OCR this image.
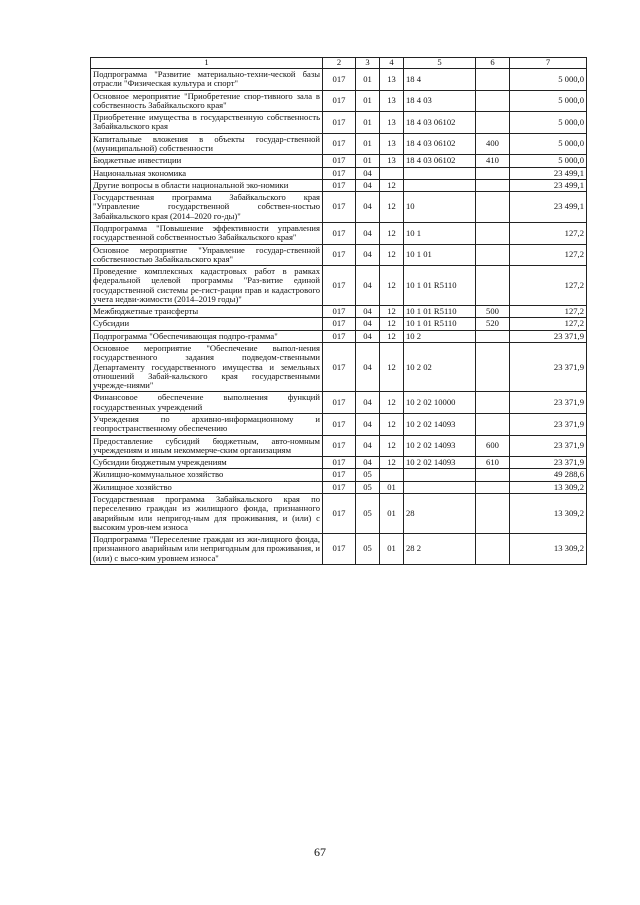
1	2	3	4	5	6	7
Подпрограмма "Развитие материально-техни-ческой базы отрасли "Физическая культура и спорт"	017	01	13	18 4		5 000,0
Основное мероприятие "Приобретение спор-тивного зала в собственность Забайкальского края"	017	01	13	18 4 03		5 000,0
Приобретение имущества в государственную собственность Забайкальского края	017	01	13	18 4 03 06102		5 000,0
Капитальные вложения в объекты государ-ственной (муниципальной) собственности	017	01	13	18 4 03 06102	400	5 000,0
Бюджетные инвестиции	017	01	13	18 4 03 06102	410	5 000,0
Национальная экономика	017	04				23 499,1
Другие вопросы в области национальной эко-номики	017	04	12			23 499,1
Государственная программа Забайкальского края "Управление государственной собствен-ностью Забайкальского края (2014–2020 го-ды)"	017	04	12	10		23 499,1
Подпрограмма "Повышение эффективности управления государственной собственностью Забайкальского края"	017	04	12	10 1		127,2
Основное мероприятие "Управление государ-ственной собственностью Забайкальского края"	017	04	12	10 1 01		127,2
Проведение комплексных кадастровых работ в рамках федеральной целевой программы "Раз-витие единой государственной системы ре-гист-рации прав и кадастрового учета недви-жимости (2014–2019 годы)"	017	04	12	10 1 01 R5110		127,2
Межбюджетные трансферты	017	04	12	10 1 01 R5110	500	127,2
Субсидии	017	04	12	10 1 01 R5110	520	127,2
Подпрограмма "Обеспечивающая подпро-грамма"	017	04	12	10 2		23 371,9
Основное мероприятие "Обеспечение выпол-нения государственного задания подведом-ственными Департаменту государственного имущества и земельных отношений Забай-кальского края государственными учрежде-ниями"	017	04	12	10 2 02		23 371,9
Финансовое обеспечение выполнения функций государственных учреждений	017	04	12	10 2 02 10000		23 371,9
Учреждения по архивно-информационному и геопространственному обеспечению	017	04	12	10 2 02 14093		23 371,9
Предоставление субсидий бюджетным, авто-номным учреждениям и иным некоммерче-ским организациям	017	04	12	10 2 02 14093	600	23 371,9
Субсидии бюджетным учреждениям	017	04	12	10 2 02 14093	610	23 371,9
Жилищно-коммунальное хозяйство	017	05				49 288,6
Жилищное хозяйство	017	05	01			13 309,2
Государственная программа Забайкальского края по переселению граждан из жилищного фонда, признанного аварийным или непригод-ным для проживания, и (или) с высоким уров-нем износа	017	05	01	28		13 309,2
Подпрограмма "Переселение граждан из жи-лищного фонда, признанного аварийным или непригодным для проживания, и (или) с высо-ким уровнем износа"	017	05	01	28 2		13 309,2
67
